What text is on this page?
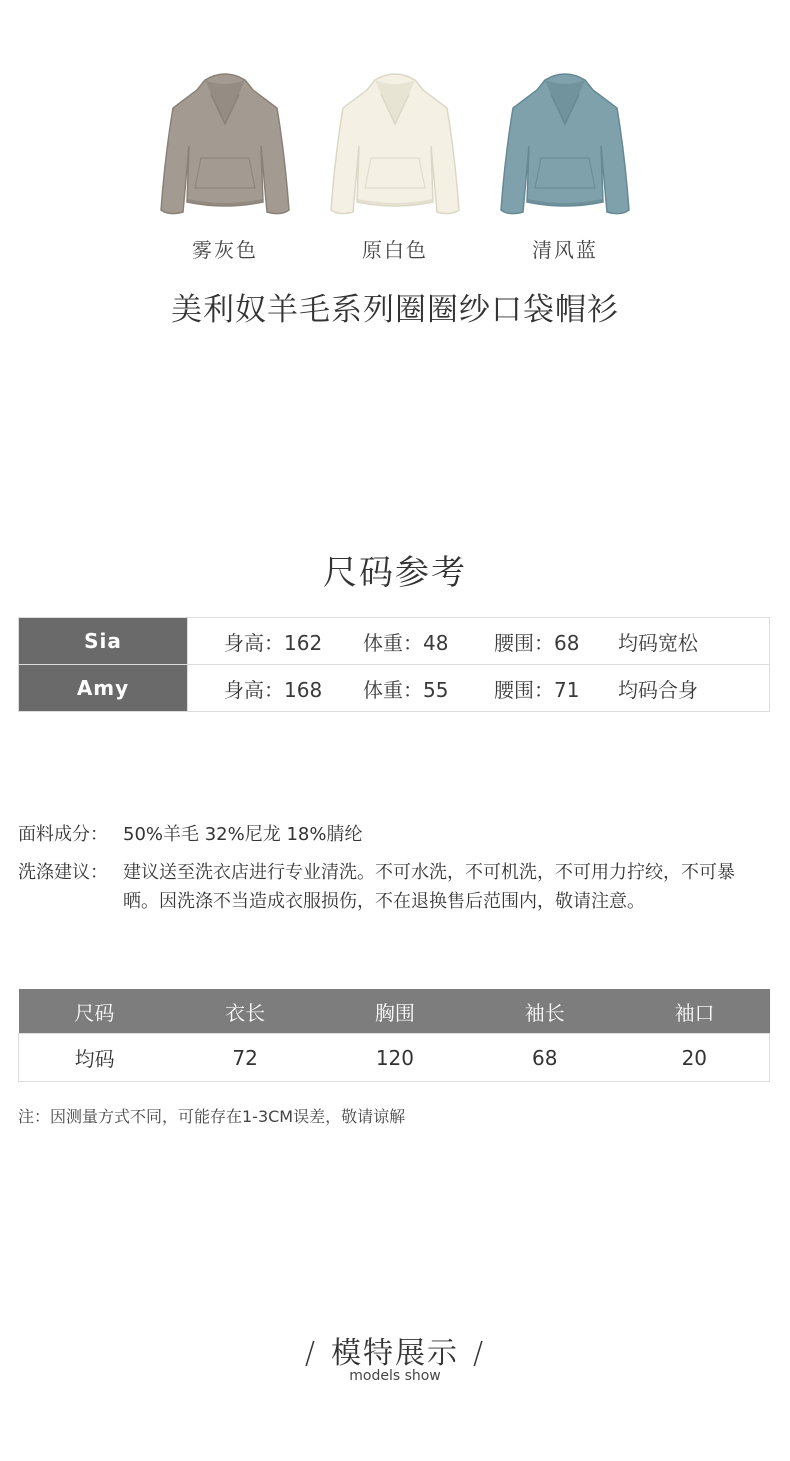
雾灰色	原白色	清风蓝
美利奴羊毛系列圈圈纱口袋帽衫
尺码参考
Sia	身高：162 体重：48 腰围：68 均码宽松
Amy	身高：168 体重：55 腰围：71 均码合身
面料成分： 50%羊毛 32%尼龙 18%腈纶
洗涤建议： 建议送至洗衣店进行专业清洗。不可水洗，不可机洗，不可用力拧绞，不可暴晒。因洗涤不当造成衣服损伤，不在退换售后范围内，敬请注意。
尺码	衣长	胸围	袖长	袖口
均码	72	120	68	20
注：因测量方式不同，可能存在1-3CM误差，敬请谅解
/ 模特展示 /
models show
